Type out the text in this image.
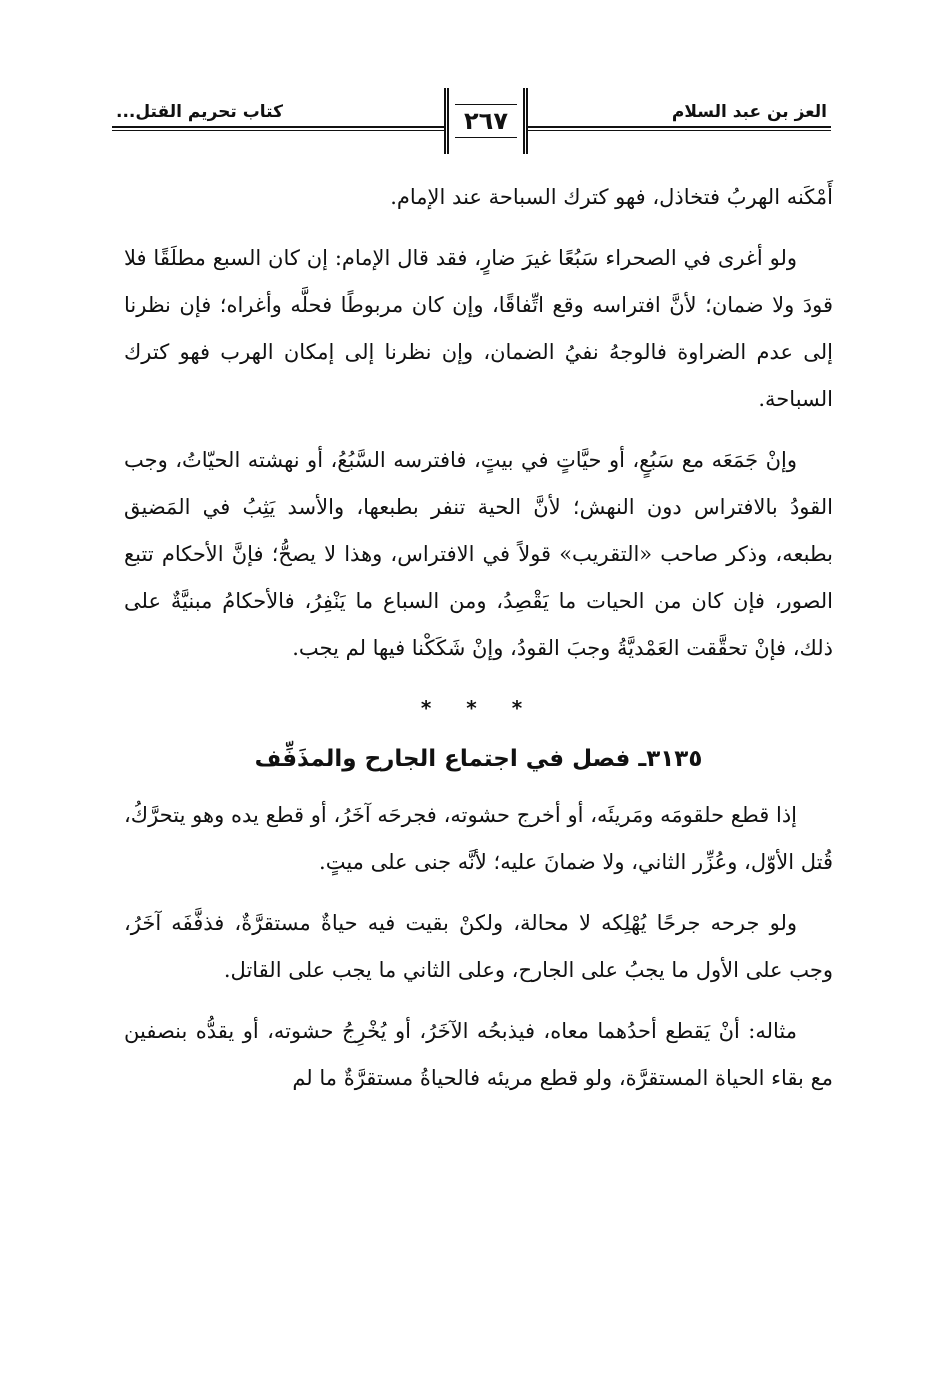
العز بن عبد السلام
كتاب تحريم القتل...	٢٦٧

أَمْكَنه الهربُ فتخاذل، فهو كترك السباحة عند الإمام.

ولو أغرى في الصحراء سَبُعًا غيرَ ضارٍ، فقد قال الإمام: إن كان السبع مطلَقًا فلا قودَ ولا ضمان؛ لأنَّ افتراسه وقع اتِّفاقًا، وإن كان مربوطًا فحلَّه وأغراه؛ فإن نظرنا إلى عدم الضراوة فالوجهُ نفيُ الضمان، وإن نظرنا إلى إمكان الهرب فهو كترك السباحة.

وإنْ جَمَعَه مع سَبُعٍ، أو حيَّاتٍ في بيتٍ، فافترسه السَّبُعُ، أو نهشته الحيّاتُ، وجب القودُ بالافتراس دون النهش؛ لأنَّ الحية تنفر بطبعها، والأسد يَثِبُ في المَضيق بطبعه، وذكر صاحب «التقريب» قولاً في الافتراس، وهذا لا يصحُّ؛ فإنَّ الأحكام تتبع الصور، فإن كان من الحيات ما يَقْصِدُ، ومن السباع ما يَنْفِرُ، فالأحكامُ مبنيَّةٌ على ذلك، فإنْ تحقَّقت العَمْديَّةُ وجبَ القودُ، وإنْ شَكَكْنا فيها لم يجب.

* * *
٣١٣٥ـ فصل في اجتماع الجارح والمذَفِّف

إذا قطع حلقومَه ومَريئَه، أو أخرج حشوته، فجرحَه آخَرُ، أو قطع يده وهو يتحرَّكُ، قُتل الأوّل، وعُزِّر الثاني، ولا ضمانَ عليه؛ لأنَّه جنى على ميتٍ.

ولو جرحه جرحًا يُهْلِكه لا محالة، ولكنْ بقيت فيه حياةٌ مستقرَّةٌ، فذفَّفَه آخَرُ، وجب على الأول ما يجبُ على الجارح، وعلى الثاني ما يجب على القاتل.

مثاله: أنْ يَقطع أحدُهما معاه، فيذبحُه الآخَرُ، أو يُخْرِجُ حشوته، أو يقدُّه بنصفين مع بقاء الحياة المستقرَّة، ولو قطع مريئه فالحياةُ مستقرَّةٌ ما لم
